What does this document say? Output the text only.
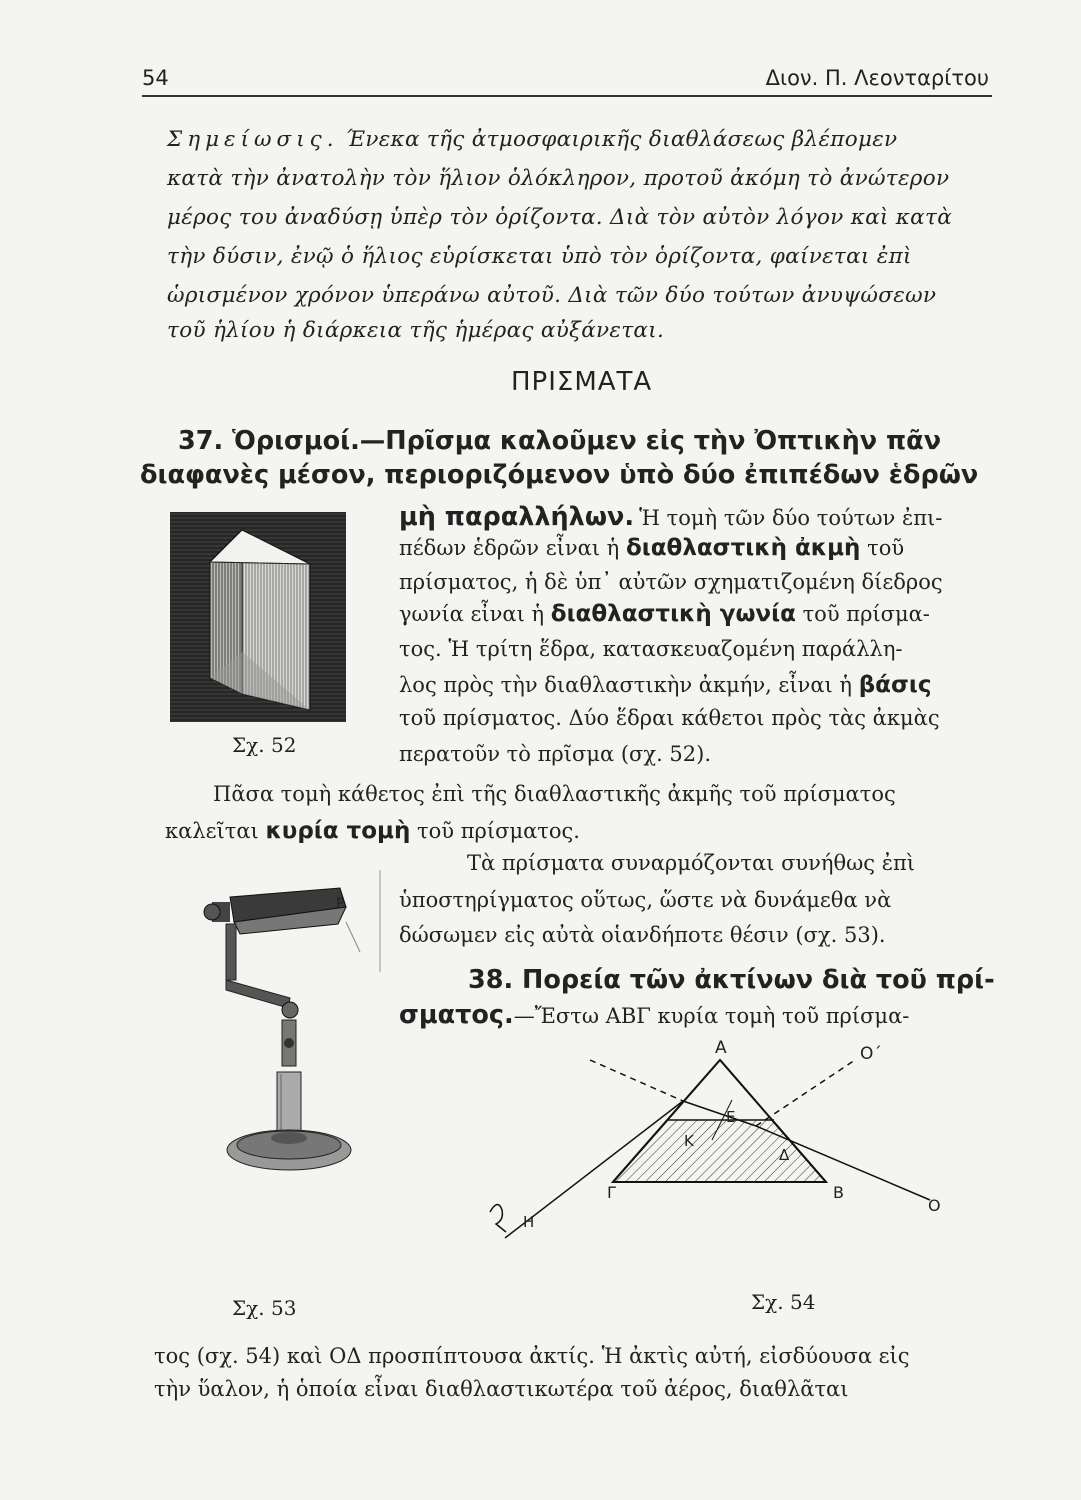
54	Διον. Π. Λεονταρίτου
Σημείωσις. Ένεκα τῆς ἀτμοσφαιρικῆς διαθλάσεως βλέπομεν
κατὰ τὴν ἀνατολὴν τὸν ἥλιον ὁλόκληρον, προτοῦ ἀκόμη τὸ ἀνώτερον
μέρος του ἀναδύσῃ ὑπὲρ τὸν ὁρίζοντα. Διὰ τὸν αὐτὸν λόγον καὶ κατὰ
τὴν δύσιν, ἐνῷ ὁ ἥλιος εὑρίσκεται ὑπὸ τὸν ὁρίζοντα, φαίνεται ἐπὶ
ὡρισμένον χρόνον ὑπεράνω αὐτοῦ. Διὰ τῶν δύο τούτων ἀνυψώσεων
τοῦ ἡλίου ἡ διάρκεια τῆς ἡμέρας αὐξάνεται.
ΠΡΙΣΜΑΤΑ
37. Ὁρισμοί.—Πρῖσμα καλοῦμεν εἰς τὴν Ὀπτικὴν πᾶν
διαφανὲς μέσον, περιοριζόμενον ὑπὸ δύο ἐπιπέδων ἑδρῶν
μὴ παραλλήλων. Ἡ τομὴ τῶν δύο τούτων ἐπι-
Σχ. 52
πέδων ἑδρῶν εἶναι ἡ διαθλαστικὴ ἀκμὴ τοῦ
πρίσματος, ἡ δὲ ὑπ᾽ αὐτῶν σχηματιζομένη δίεδρος
γωνία εἶναι ἡ διαθλαστικὴ γωνία τοῦ πρίσμα-
τος. Ἡ τρίτη ἕδρα, κατασκευαζομένη παράλλη-
λος πρὸς τὴν διαθλαστικὴν ἀκμήν, εἶναι ἡ βάσις
τοῦ πρίσματος. Δύο ἕδραι κάθετοι πρὸς τὰς ἀκμὰς
περατοῦν τὸ πρῖσμα (σχ. 52).
Πᾶσα τομὴ κάθετος ἐπὶ τῆς διαθλαστικῆς ἀκμῆς τοῦ πρίσματος
καλεῖται κυρία τομὴ τοῦ πρίσματος.
Τὰ πρίσματα συναρμόζονται συνήθως ἐπὶ
ὑποστηρίγματος οὕτως, ὥστε νὰ δυνάμεθα νὰ
δώσωμεν εἰς αὐτὰ οἱανδήποτε θέσιν (σχ. 53).
P
Σχ. 53
38. Πορεία τῶν ἀκτίνων διὰ τοῦ πρί-
σματος.—Ἔστω ΑΒΓ κυρία τομὴ τοῦ πρίσμα-
A	O΄
E
K
Δ
H
Γ	B
O
Σχ. 54
τος (σχ. 54) καὶ ΟΔ προσπίπτουσα ἀκτίς. Ἡ ἀκτὶς αὐτή, εἰσδύουσα εἰς
τὴν ὕαλον, ἡ ὁποία εἶναι διαθλαστικωτέρα τοῦ ἀέρος, διαθλᾶται
